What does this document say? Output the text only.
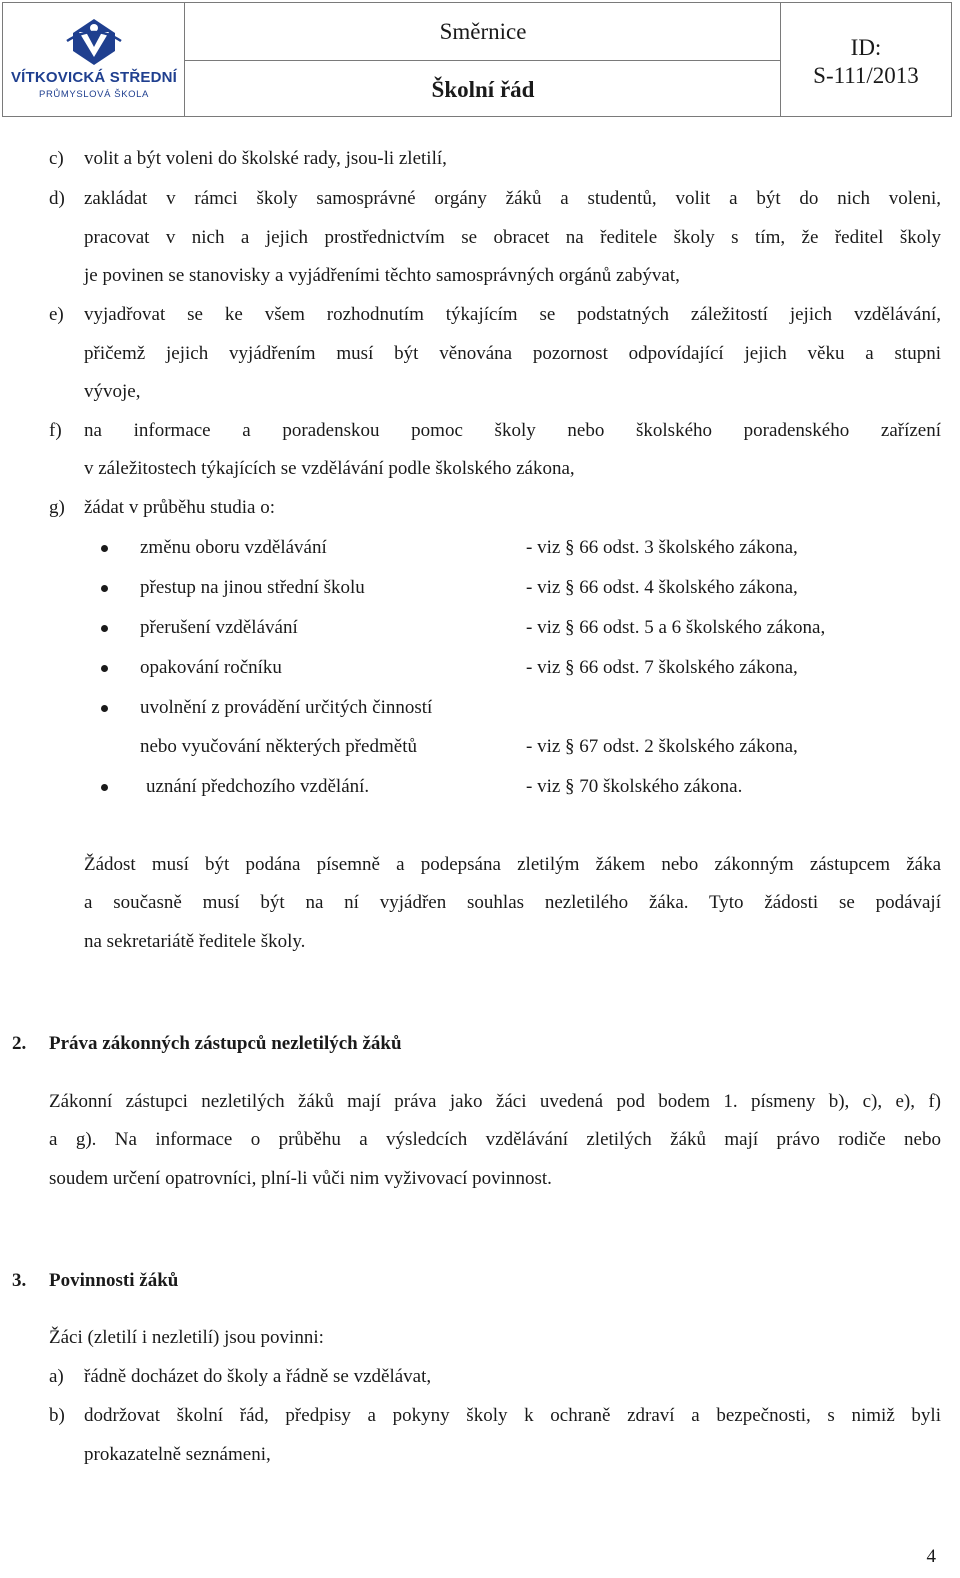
VÍTKOVICKÁ STŘEDNÍ
PRŮMYSLOVÁ ŠKOLA
Směrnice
Školní řád
ID:
S-111/2013
c) volit a být voleni do školské rady, jsou-li zletilí,
d) zakládat v rámci školy samosprávné orgány žáků a studentů, volit a být do nich voleni,
pracovat v nich a jejich prostřednictvím se obracet na ředitele školy s tím, že ředitel školy
je povinen se stanovisky a vyjádřeními těchto samosprávných orgánů zabývat,
e) vyjadřovat se ke všem rozhodnutím týkajícím se podstatných záležitostí jejich vzdělávání,
přičemž jejich vyjádřením musí být věnována pozornost odpovídající jejich věku a stupni
vývoje,
f) na informace a poradenskou pomoc školy nebo školského poradenského zařízení
v záležitostech týkajících se vzdělávání podle školského zákona,
g) žádat v průběhu studia o:
změnu oboru vzdělávání	- viz § 66 odst. 3 školského zákona,
přestup na jinou střední školu	- viz § 66 odst. 4 školského zákona,
přerušení vzdělávání	- viz § 66 odst. 5 a 6 školského zákona,
opakování ročníku	- viz § 66 odst. 7 školského zákona,
uvolnění z provádění určitých činností
nebo vyučování některých předmětů	- viz § 67 odst. 2 školského zákona,
uznání předchozího vzdělání.	- viz § 70 školského zákona.
Žádost musí být podána písemně a podepsána zletilým žákem nebo zákonným zástupcem žáka
a současně musí být na ní vyjádřen souhlas nezletilého žáka. Tyto žádosti se podávají
na sekretariátě ředitele školy.
2. Práva zákonných zástupců nezletilých žáků
Zákonní zástupci nezletilých žáků mají práva jako žáci uvedená pod bodem 1. písmeny b), c), e), f)
a g). Na informace o průběhu a výsledcích vzdělávání zletilých žáků mají právo rodiče nebo
soudem určení opatrovníci, plní-li vůči nim vyživovací povinnost.
3. Povinnosti žáků
Žáci (zletilí i nezletilí) jsou povinni:
a) řádně docházet do školy a řádně se vzdělávat,
b) dodržovat školní řád, předpisy a pokyny školy k ochraně zdraví a bezpečnosti, s nimiž byli
prokazatelně seznámeni,
4
